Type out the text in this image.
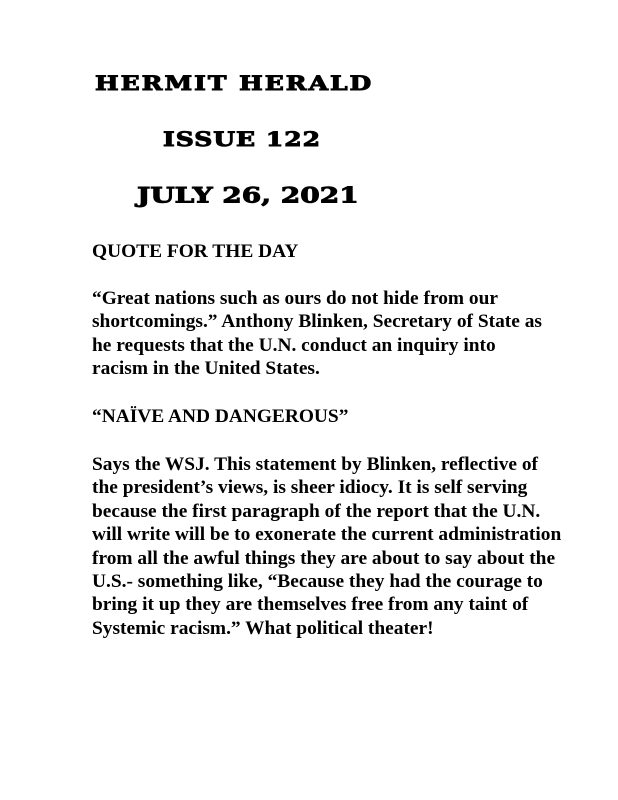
HERMIT HERALD
ISSUE 122
JULY 26, 2021

QUOTE FOR THE DAY

“Great nations such as ours do not hide from our shortcomings.” Anthony Blinken, Secretary of State as he requests that the U.N. conduct an inquiry into racism in the United States.

“NAÏVE AND DANGEROUS”

Says the WSJ. This statement by Blinken, reflective of the president’s views, is sheer idiocy. It is self serving because the first paragraph of the report that the U.N. will write will be to exonerate the current administration from all the awful things they are about to say about the U.S.- something like, “Because they had the courage to bring it up they are themselves free from any taint of Systemic racism.” What political theater!
